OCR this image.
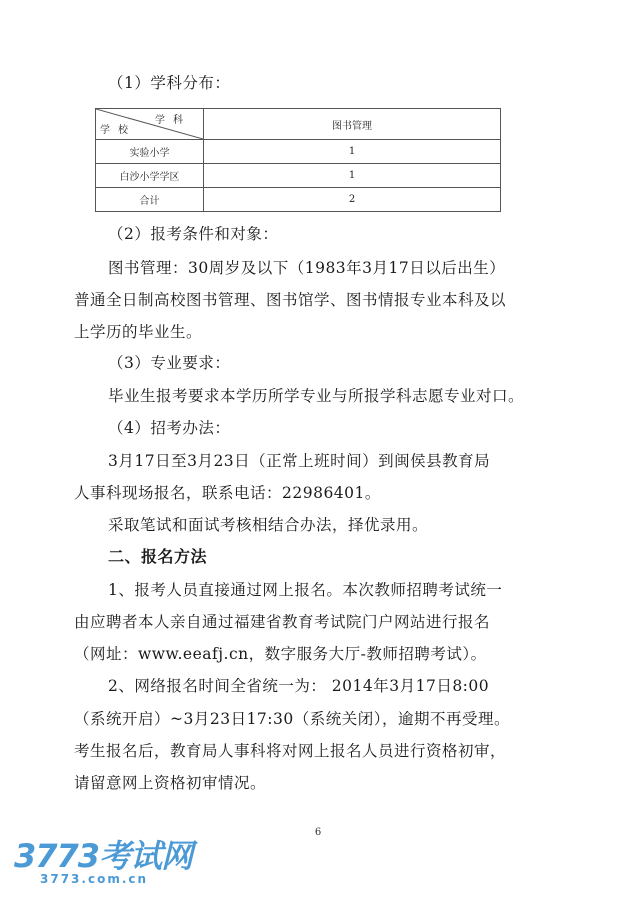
（1）学科分布：
学科
学校	图书管理
实验小学	1
白沙小学学区	1
合计	2
（2）报考条件和对象：
图书管理：30周岁及以下（1983年3月17日以后出生）
普通全日制高校图书管理、图书馆学、图书情报专业本科及以
上学历的毕业生。
（3）专业要求：
毕业生报考要求本学历所学专业与所报学科志愿专业对口。
（4）招考办法：
3月17日至3月23日（正常上班时间）到闽侯县教育局
人事科现场报名，联系电话：22986401。
采取笔试和面试考核相结合办法，择优录用。
二、报名方法
1、报考人员直接通过网上报名。本次教师招聘考试统一
由应聘者本人亲自通过福建省教育考试院门户网站进行报名
（网址：www.eeafj.cn，数字服务大厅-教师招聘考试）。
2、网络报名时间全省统一为： 2014年3月17日8:00
（系统开启）~3月23日17:30（系统关闭），逾期不再受理。
考生报名后，教育局人事科将对网上报名人员进行资格初审，
请留意网上资格初审情况。
6
3773考试网
3773.com.cn
